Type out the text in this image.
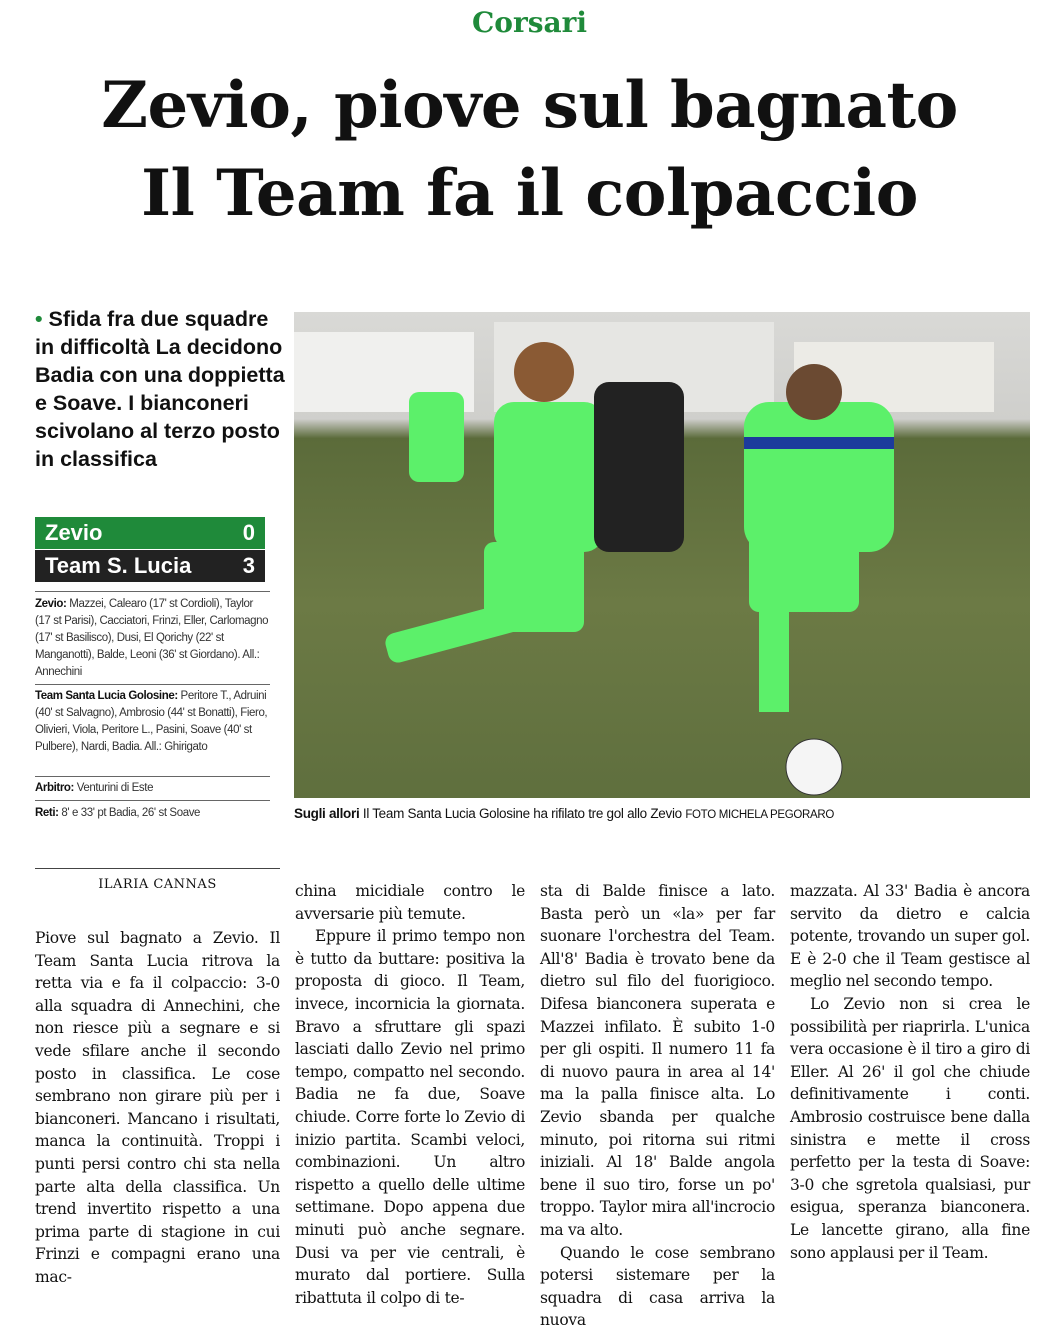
Corsari
Zevio, piove sul bagnato
Il Team fa il colpaccio
• Sfida fra due squadre in difficoltà La decidono Badia con una doppietta e Soave. I bianconeri scivolano al terzo posto in classifica
Zevio	0
Team S. Lucia 3
Zevio: Mazzei, Calearo (17' st Cordioli), Taylor (17 st Parisi), Cacciatori, Frinzi, Eller, Carlomagno (17' st Basilisco), Dusi, El Qorichy (22' st Manganotti), Balde, Leoni (36' st Giordano). All.: Annechini
Team Santa Lucia Golosine: Peritore T., Adruini (40' st Salvagno), Ambrosio (44' st Bonatti), Fiero, Olivieri, Viola, Peritore L., Pasini, Soave (40' st Pulbere), Nardi, Badia. All.: Ghirigato
Arbitro: Venturini di Este
Reti: 8' e 33' pt Badia, 26' st Soave	Sugli allori Il Team Santa Lucia Golosine ha rifilato tre gol allo Zevio FOTO MICHELA PEGORARO
ILARIA CANNAS

Piove sul bagnato a Zevio. Il Team Santa Lucia ritrova la retta via e fa il colpaccio: 3-0 alla squadra di Annechini, che non riesce più a segnare e si vede sfilare anche il secondo posto in classifica. Le cose sembrano non girare più per i bianconeri. Mancano i risultati, manca la continuità. Troppi i punti persi contro chi sta nella parte alta della classifica. Un trend invertito rispetto a una prima parte di stagione in cui Frinzi e compagni erano una mac-

china micidiale contro le avversarie più temute.

Eppure il primo tempo non è tutto da buttare: positiva la proposta di gioco. Il Team, invece, incornicia la giornata. Bravo a sfruttare gli spazi lasciati dallo Zevio nel primo tempo, compatto nel secondo. Badia ne fa due, Soave chiude. Corre forte lo Zevio di inizio partita. Scambi veloci, combinazioni. Un altro rispetto a quello delle ultime settimane. Dopo appena due minuti può anche segnare. Dusi va per vie centrali, è murato dal portiere. Sulla ribattuta il colpo di te-

sta di Balde finisce a lato. Basta però un «la» per far suonare l'orchestra del Team. All'8' Badia è trovato bene da dietro sul filo del fuorigioco. Difesa bianconera superata e Mazzei infilato. È subito 1-0 per gli ospiti. Il numero 11 fa di nuovo paura in area al 14' ma la palla finisce alta. Lo Zevio sbanda per qualche minuto, poi ritorna sui ritmi iniziali. Al 18' Balde angola bene il suo tiro, forse un po' troppo. Taylor mira all'incrocio ma va alto.

Quando le cose sembrano potersi sistemare per la squadra di casa arriva la nuova

mazzata. Al 33' Badia è ancora servito da dietro e calcia potente, trovando un super gol. E è 2-0 che il Team gestisce al meglio nel secondo tempo.

Lo Zevio non si crea le possibilità per riaprirla. L'unica vera occasione è il tiro a giro di Eller. Al 26' il gol che chiude definitivamente i conti. Ambrosio costruisce bene dalla sinistra e mette il cross perfetto per la testa di Soave: 3-0 che sgretola qualsiasi, pur esigua, speranza bianconera. Le lancette girano, alla fine sono applausi per il Team.
